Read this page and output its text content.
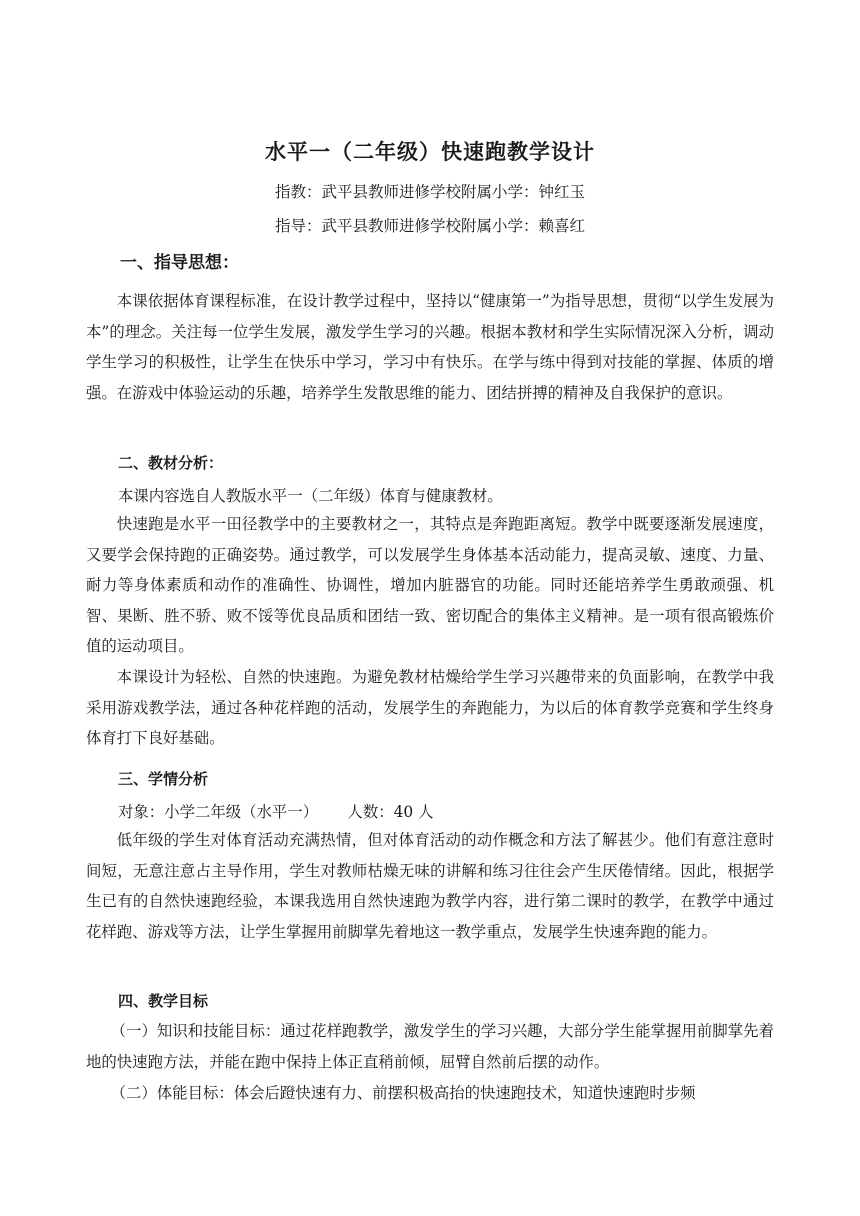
水平一（二年级）快速跑教学设计
指教：武平县教师进修学校附属小学：钟红玉
指导：武平县教师进修学校附属小学：赖喜红
一、指导思想：

本课依据体育课程标准，在设计教学过程中，坚持以“健康第一”为指导思想，贯彻“以学生发展为本”的理念。关注每一位学生发展，激发学生学习的兴趣。根据本教材和学生实际情况深入分析，调动学生学习的积极性，让学生在快乐中学习，学习中有快乐。在学与练中得到对技能的掌握、体质的增强。在游戏中体验运动的乐趣，培养学生发散思维的能力、团结拼搏的精神及自我保护的意识。

二、教材分析：
本课内容选自人教版水平一（二年级）体育与健康教材。

快速跑是水平一田径教学中的主要教材之一，其特点是奔跑距离短。教学中既要逐渐发展速度，又要学会保持跑的正确姿势。通过教学，可以发展学生身体基本活动能力，提高灵敏、速度、力量、耐力等身体素质和动作的准确性、协调性，增加内脏器官的功能。同时还能培养学生勇敢顽强、机智、果断、胜不骄、败不馁等优良品质和团结一致、密切配合的集体主义精神。是一项有很高锻炼价值的运动项目。

本课设计为轻松、自然的快速跑。为避免教材枯燥给学生学习兴趣带来的负面影响，在教学中我采用游戏教学法，通过各种花样跑的活动，发展学生的奔跑能力，为以后的体育教学竞赛和学生终身体育打下良好基础。

三、学情分析
对象：小学二年级（水平一）      人数：40 人

低年级的学生对体育活动充满热情，但对体育活动的动作概念和方法了解甚少。他们有意注意时间短，无意注意占主导作用，学生对教师枯燥无味的讲解和练习往往会产生厌倦情绪。因此，根据学生已有的自然快速跑经验，本课我选用自然快速跑为教学内容，进行第二课时的教学，在教学中通过花样跑、游戏等方法，让学生掌握用前脚掌先着地这一教学重点，发展学生快速奔跑的能力。

四、教学目标

（一）知识和技能目标：通过花样跑教学，激发学生的学习兴趣，大部分学生能掌握用前脚掌先着地的快速跑方法，并能在跑中保持上体正直稍前倾，屈臂自然前后摆的动作。

（二）体能目标：体会后蹬快速有力、前摆积极高抬的快速跑技术，知道快速跑时步频
